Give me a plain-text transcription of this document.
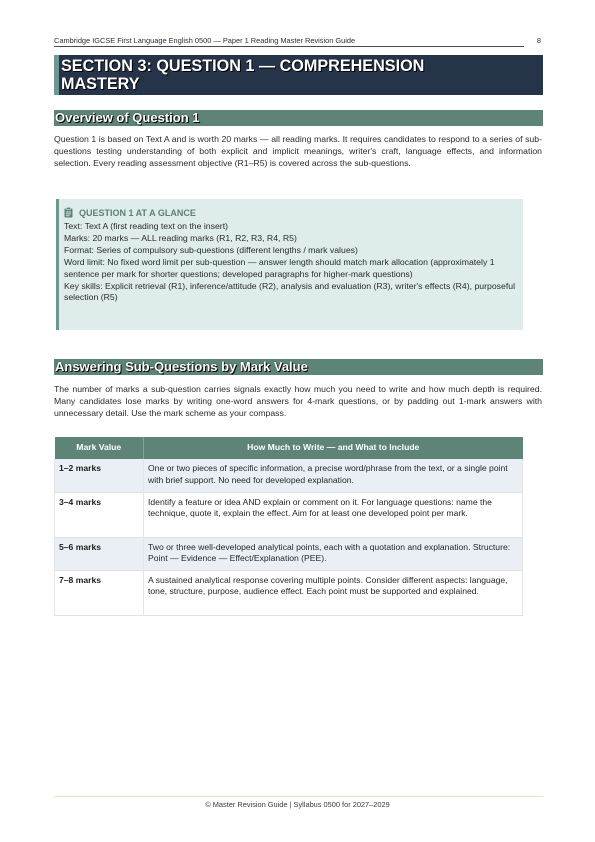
Cambridge IGCSE First Language English 0500 — Paper 1 Reading Master Revision Guide	8
SECTION 3: QUESTION 1 — COMPREHENSION MASTERY
Overview of Question 1

Question 1 is based on Text A and is worth 20 marks — all reading marks. It requires candidates to respond to a series of sub-questions testing understanding of both explicit and implicit meanings, writer's craft, language effects, and information selection. Every reading assessment objective (R1–R5) is covered across the sub-questions.

QUESTION 1 AT A GLANCE
Text: Text A (first reading text on the insert)
Marks: 20 marks — ALL reading marks (R1, R2, R3, R4, R5)
Format: Series of compulsory sub-questions (different lengths / mark values)
Word limit: No fixed word limit per sub-question — answer length should match mark allocation (approximately 1 sentence per mark for shorter questions; developed paragraphs for higher-mark questions)
Key skills: Explicit retrieval (R1), inference/attitude (R2), analysis and evaluation (R3), writer's effects (R4), purposeful selection (R5)
Answering Sub-Questions by Mark Value

The number of marks a sub-question carries signals exactly how much you need to write and how much depth is required. Many candidates lose marks by writing one-word answers for 4-mark questions, or by padding out 1-mark answers with unnecessary detail. Use the mark scheme as your compass.

Mark Value	How Much to Write — and What to Include
1–2 marks	One or two pieces of specific information, a precise word/phrase from the text, or a single point with brief support. No need for developed explanation.
3–4 marks	Identify a feature or idea AND explain or comment on it. For language questions: name the technique, quote it, explain the effect. Aim for at least one developed point per mark.
5–6 marks	Two or three well-developed analytical points, each with a quotation and explanation. Structure: Point — Evidence — Effect/Explanation (PEE).
7–8 marks	A sustained analytical response covering multiple points. Consider different aspects: language, tone, structure, purpose, audience effect. Each point must be supported and explained.
© Master Revision Guide | Syllabus 0500 for 2027–2029
